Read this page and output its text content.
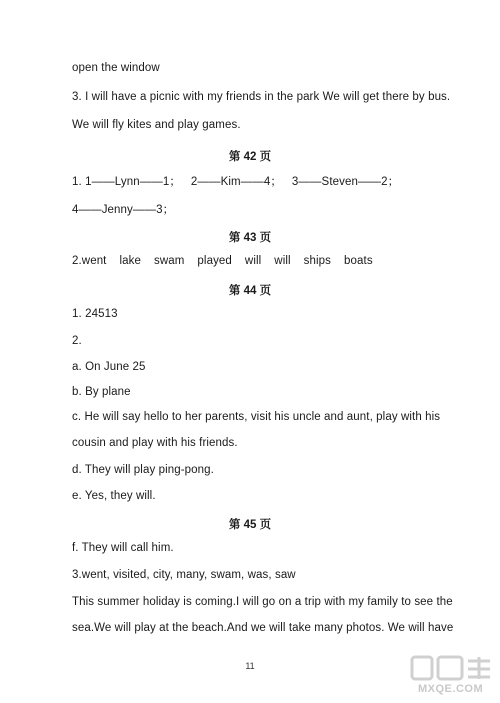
open the window
3. I will have a picnic with my friends in the park We will get there by bus.
We will fly kites and play games.
第 42 页
1. 1——Lynn——1；   2——Kim——4；   3——Steven——2；
4——Jenny——3；
第 43 页
2.went lake swam played will will ships boats
第 44 页
1. 24513
2.
a. On June 25
b. By plane
c. He will say hello to her parents, visit his uncle and aunt, play with his
cousin and play with his friends.
d. They will play ping-pong.
e. Yes, they will.
第 45 页
f. They will call him.
3.went, visited, city, many, swam, was, saw
This summer holiday is coming.I will go on a trip with my family to see the
sea.We will play at the beach.And we will take many photos. We will have
11
MXQE.COM
